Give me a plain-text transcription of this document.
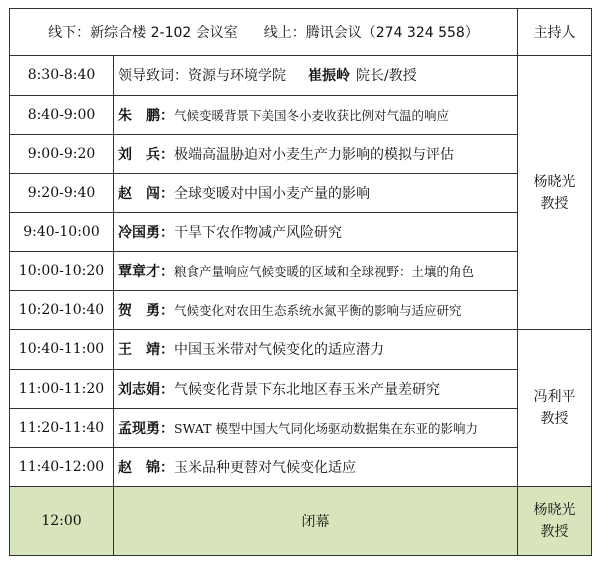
线下：新综合楼 2-102 会议室 线上：腾讯会议（274 324 558）		主持人
8:30-8:40	领导致词：资源与环境学院 崔振岭 院长/教授	杨晓光
教授

8:40-9:00	朱　鹏：气候变暖背景下美国冬小麦收获比例对气温的响应	
9:00-9:20	刘　兵：极端高温胁迫对小麦生产力影响的模拟与评估	
9:20-9:40	赵　闯：全球变暖对中国小麦产量的影响	
9:40-10:00	冷国勇：干旱下农作物减产风险研究	
10:00-10:20	覃章才：粮食产量响应气候变暖的区域和全球视野：土壤的角色	
10:20-10:40	贺　勇：气候变化对农田生态系统水氮平衡的影响与适应研究	
10:40-11:00	王　靖：中国玉米带对气候变化的适应潜力	冯利平
教授

11:00-11:20	刘志娟：气候变化背景下东北地区春玉米产量差研究	
11:20-11:40	孟现勇：SWAT 模型中国大气同化场驱动数据集在东亚的影响力	
11:40-12:00	赵　锦：玉米品种更替对气候变化适应	
12:00	闭幕	杨晓光
教授
